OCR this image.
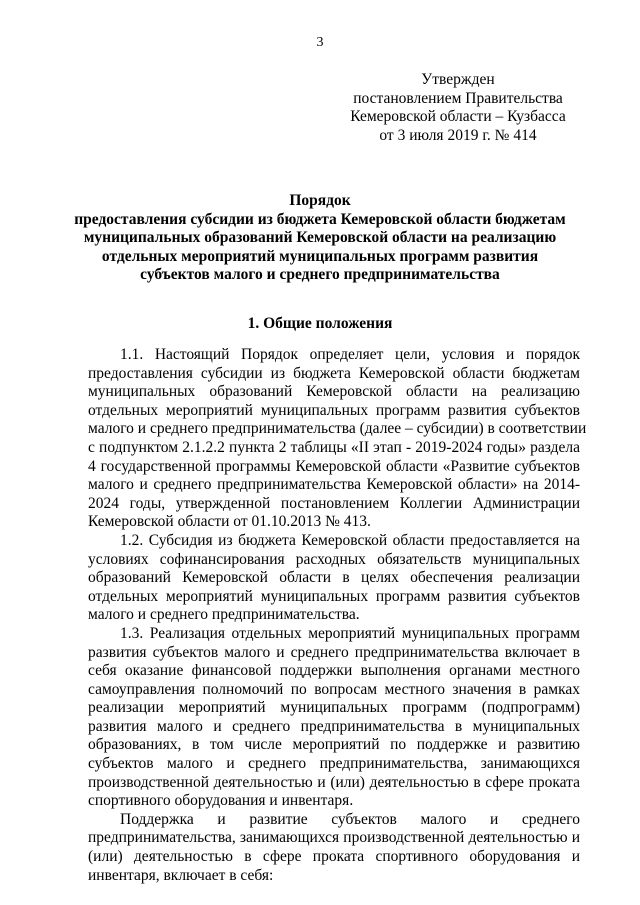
3
Утвержден
постановлением Правительства
Кемеровской области – Кузбасса
от 3 июля 2019 г. № 414
Порядок
предоставления субсидии из бюджета Кемеровской области бюджетам
муниципальных образований Кемеровской области на реализацию
отдельных мероприятий муниципальных программ развития
субъектов малого и среднего предпринимательства
1. Общие положения
1.1. Настоящий Порядок определяет цели, условия и порядок
предоставления субсидии из бюджета Кемеровской области бюджетам
муниципальных образований Кемеровской области на реализацию
отдельных мероприятий муниципальных программ развития субъектов
малого и среднего предпринимательства (далее – субсидии) в соответствии
с подпунктом 2.1.2.2 пункта 2 таблицы «II этап - 2019-2024 годы» раздела
4 государственной программы Кемеровской области «Развитие субъектов
малого и среднего предпринимательства Кемеровской области» на 2014-
2024 годы, утвержденной постановлением Коллегии Администрации
Кемеровской области от 01.10.2013 № 413.
1.2. Субсидия из бюджета Кемеровской области предоставляется на
условиях софинансирования расходных обязательств муниципальных
образований Кемеровской области в целях обеспечения реализации
отдельных мероприятий муниципальных программ развития субъектов
малого и среднего предпринимательства.
1.3. Реализация отдельных мероприятий муниципальных программ
развития субъектов малого и среднего предпринимательства включает в
себя оказание финансовой поддержки выполнения органами местного
самоуправления полномочий по вопросам местного значения в рамках
реализации мероприятий муниципальных программ (подпрограмм)
развития малого и среднего предпринимательства в муниципальных
образованиях, в том числе мероприятий по поддержке и развитию
субъектов малого и среднего предпринимательства, занимающихся
производственной деятельностью и (или) деятельностью в сфере проката
спортивного оборудования и инвентаря.
Поддержка и развитие субъектов малого и среднего
предпринимательства, занимающихся производственной деятельностью и
(или) деятельностью в сфере проката спортивного оборудования и
инвентаря, включает в себя:
